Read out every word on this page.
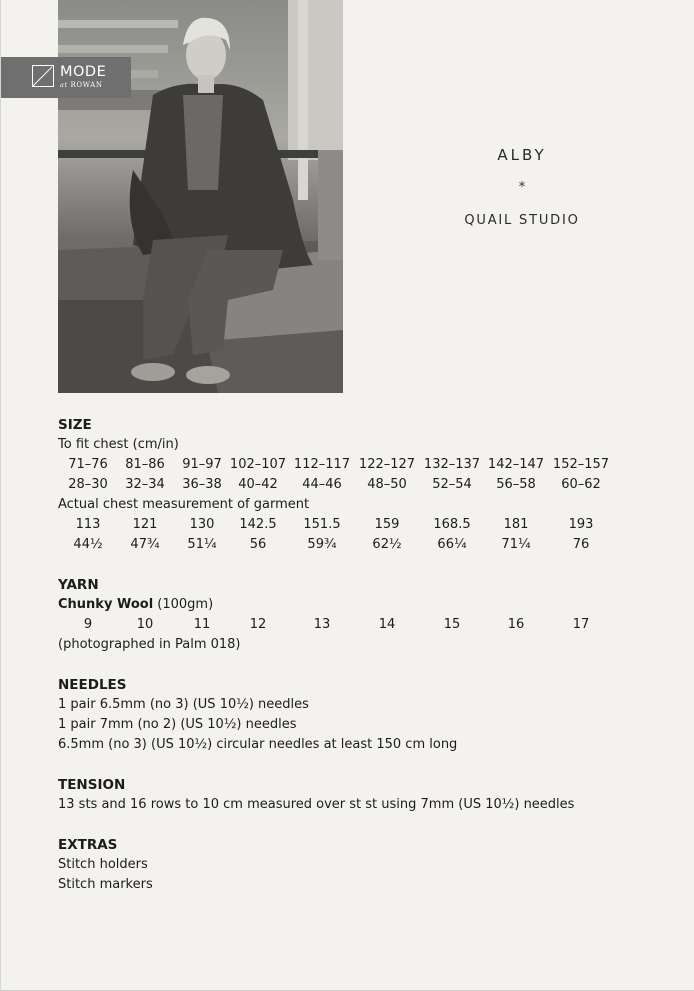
MODE
at ROWAN
ALBY
*
QUAIL STUDIO
SIZE
To fit chest (cm/in)
71–76 81–86 91–97 102–107 112–117 122–127 132–137 142–147 152–157
28–30 32–34 36–38 40–42 44–46 48–50 52–54 56–58 60–62
Actual chest measurement of garment
113 121 130 142.5 151.5	159	168.5	181	193
44½ 47¾ 51¼	56	59¾	62½	66¼	71¼	76
YARN
Chunky Wool (100gm)
9	10	11	12	13	14	15	16	17
(photographed in Palm 018)
NEEDLES
1 pair 6.5mm (no 3) (US 10½) needles
1 pair 7mm (no 2) (US 10½) needles
6.5mm (no 3) (US 10½) circular needles at least 150 cm long
TENSION
13 sts and 16 rows to 10 cm measured over st st using 7mm (US 10½) needles
EXTRAS
Stitch holders
Stitch markers
